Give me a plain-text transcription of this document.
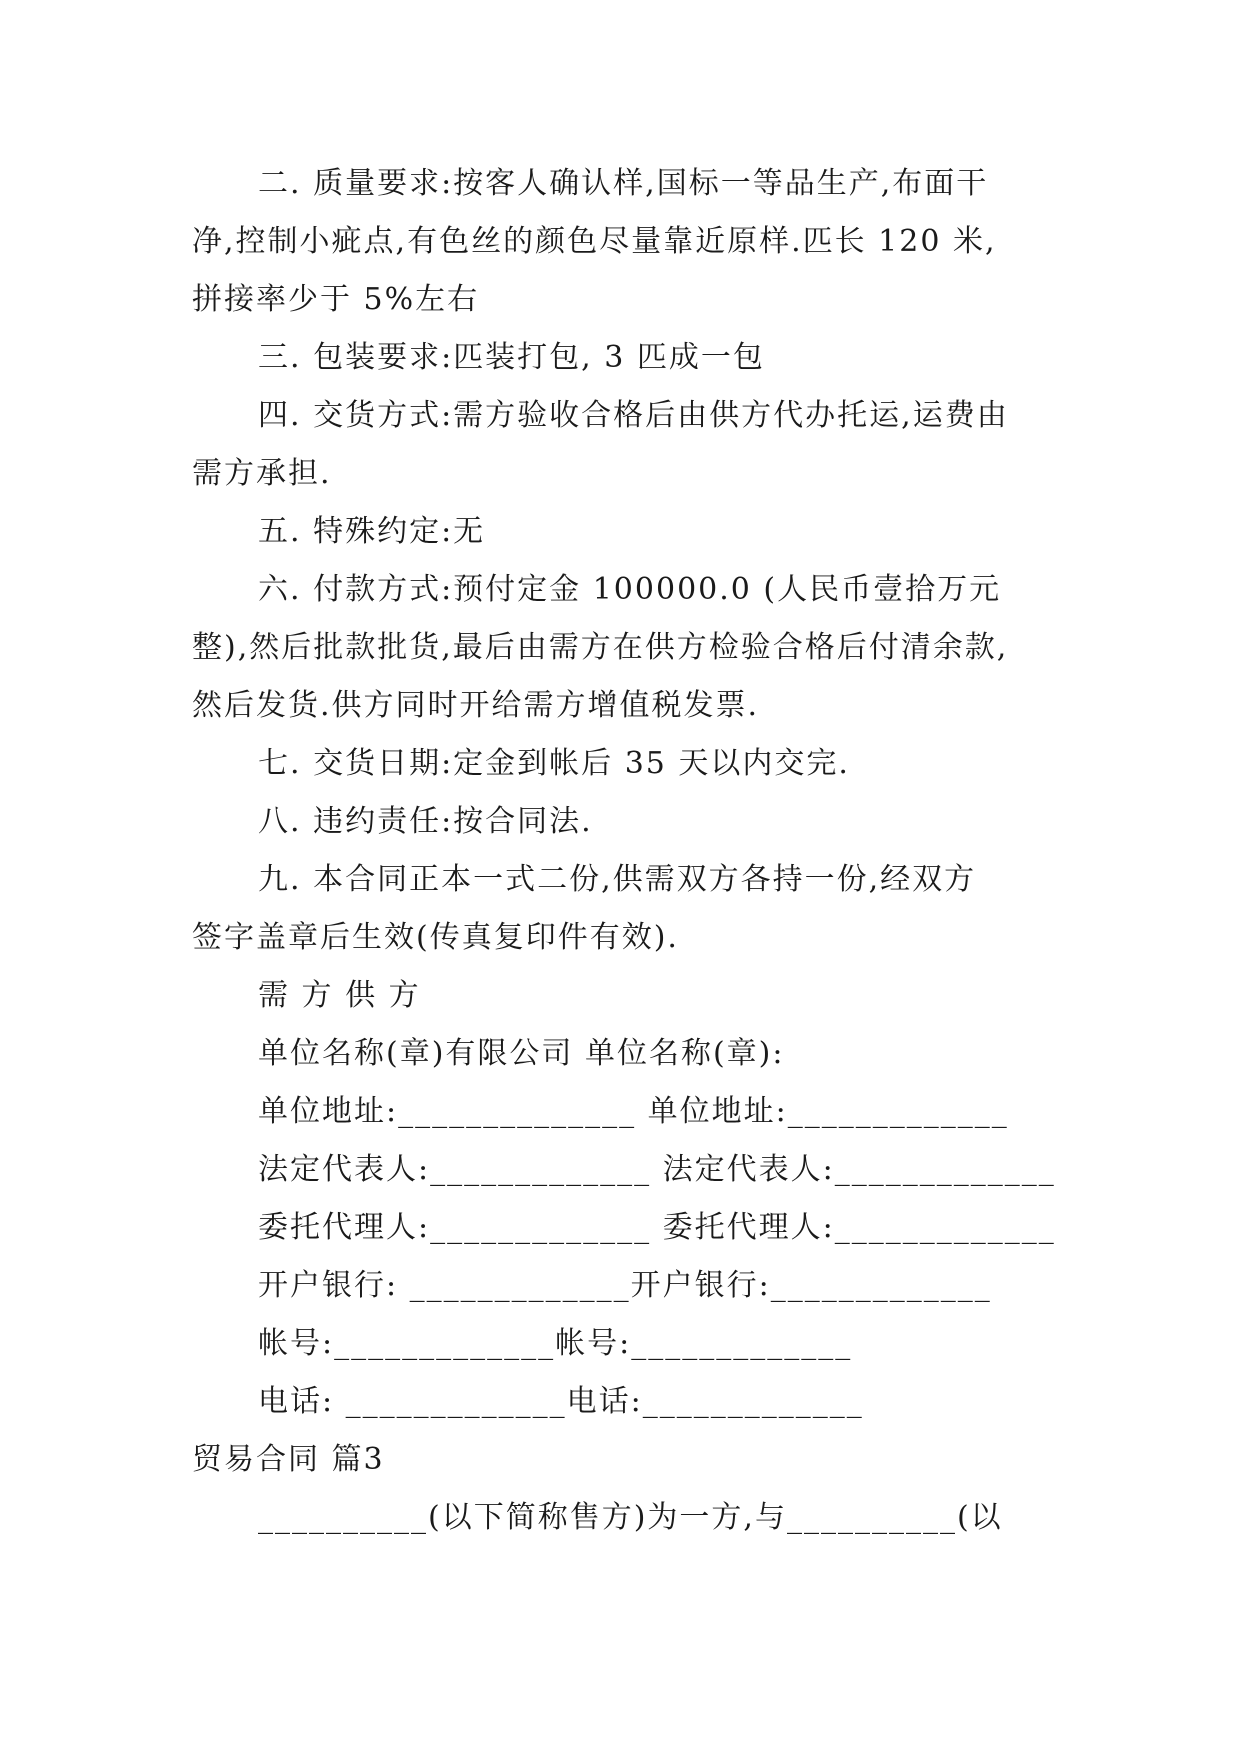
二. 质量要求:按客人确认样,国标一等品生产,布面干
净,控制小疵点,有色丝的颜色尽量靠近原样.匹长 120 米,
拼接率少于 5%左右
三. 包装要求:匹装打包, 3 匹成一包
四. 交货方式:需方验收合格后由供方代办托运,运费由
需方承担.
五. 特殊约定:无
六. 付款方式:预付定金 100000.0 (人民币壹拾万元
整),然后批款批货,最后由需方在供方检验合格后付清余款,
然后发货.供方同时开给需方增值税发票.
七. 交货日期:定金到帐后 35 天以内交完.
八. 违约责任:按合同法.
九. 本合同正本一式二份,供需双方各持一份,经双方
签字盖章后生效(传真复印件有效).
需 方 供 方
单位名称(章)有限公司 单位名称(章):
单位地址:______________ 单位地址:_____________
法定代表人:_____________ 法定代表人:_____________
委托代理人:_____________ 委托代理人:_____________
开户银行: _____________开户银行:_____________
帐号:_____________帐号:_____________
电话: _____________电话:_____________
贸易合同 篇3
__________(以下简称售方)为一方,与__________(以
